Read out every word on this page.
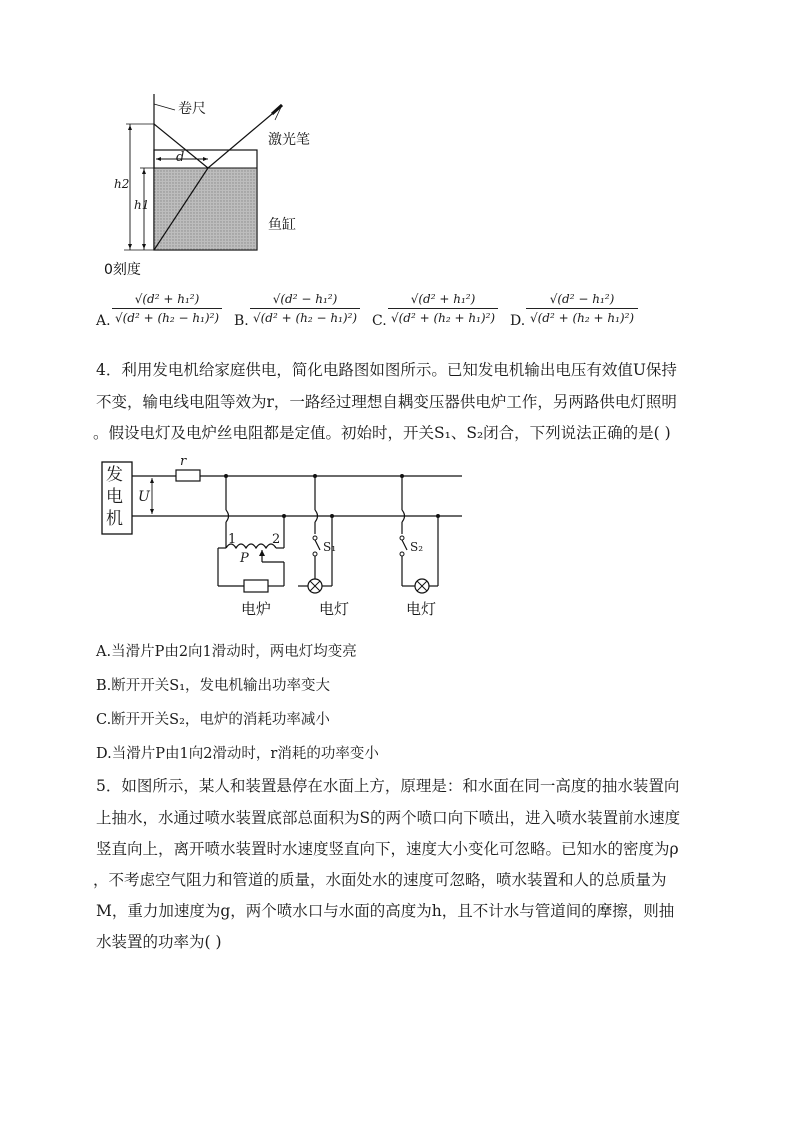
卷尺
激光笔
鱼缸
0刻度
d
h2
h1
A.
√(d² + h₁²)
√(d² + (h₂ − h₁)²) B.
√(d² − h₁²)
√(d² + (h₂ − h₁)²) C.
√(d² + h₁²)
√(d² + (h₂ + h₁)²) D.
√(d² − h₁²)
√(d² + (h₂ + h₁)²)
4．利用发电机给家庭供电，简化电路图如图所示。已知发电机输出电压有效值U保持
不变，输电线电阻等效为r，一路经过理想自耦变压器供电炉工作，另两路供电灯照明
。假设电灯及电炉丝电阻都是定值。初始时，开关S₁、S₂闭合，下列说法正确的是( )
发
电
机
r
U
1	2
P
S₁	S₂
电炉	电灯	电灯
A.当滑片P由2向1滑动时，两电灯均变亮
B.断开开关S₁，发电机输出功率变大
C.断开开关S₂，电炉的消耗功率减小
D.当滑片P由1向2滑动时，r消耗的功率变小
5．如图所示，某人和装置悬停在水面上方，原理是：和水面在同一高度的抽水装置向
上抽水，水通过喷水装置底部总面积为S的两个喷口向下喷出，进入喷水装置前水速度
竖直向上，离开喷水装置时水速度竖直向下，速度大小变化可忽略。已知水的密度为ρ
，不考虑空气阻力和管道的质量，水面处水的速度可忽略，喷水装置和人的总质量为
M，重力加速度为g，两个喷水口与水面的高度为h，且不计水与管道间的摩擦，则抽
水装置的功率为( )
